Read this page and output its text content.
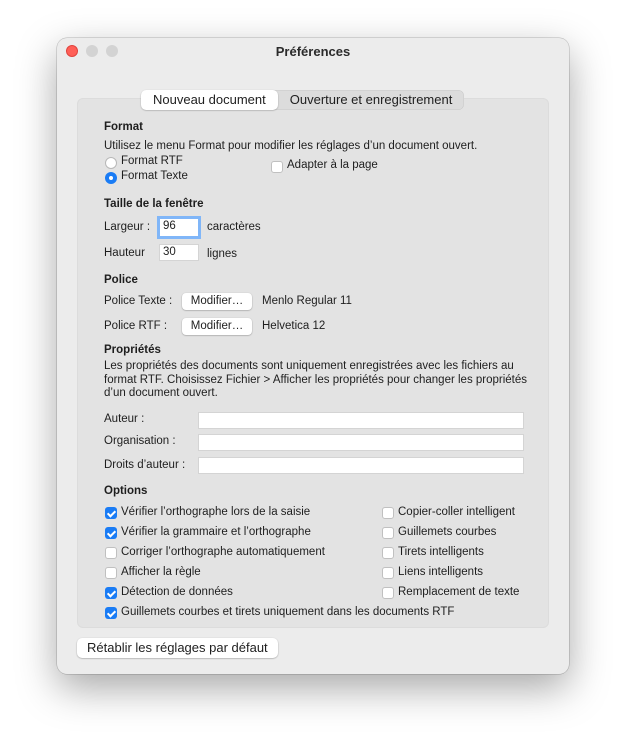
Préférences
Nouveau document	Ouverture et enregistrement
Format
Utilisez le menu Format pour modifier les réglages d’un document ouvert.
Format RTF
Format Texte
Adapter à la page
Taille de la fenêtre
Largeur : 96	caractères
Hauteur	30	lignes
Police
Police Texte :	Modifier…	Menlo Regular 11
Police RTF :	Modifier…	Helvetica 12
Propriétés
Les propriétés des documents sont uniquement enregistrées avec les fichiers au format RTF. Choisissez Fichier > Afficher les propriétés pour changer les propriétés d’un document ouvert.
Auteur :
Organisation :
Droits d’auteur :
Options
Vérifier l’orthographe lors de la saisie
Vérifier la grammaire et l’orthographe
Corriger l’orthographe automatiquement
Afficher la règle
Détection de données
Copier-coller intelligent
Guillemets courbes
Tirets intelligents
Liens intelligents
Remplacement de texte
Guillemets courbes et tirets uniquement dans les documents RTF
Rétablir les réglages par défaut
